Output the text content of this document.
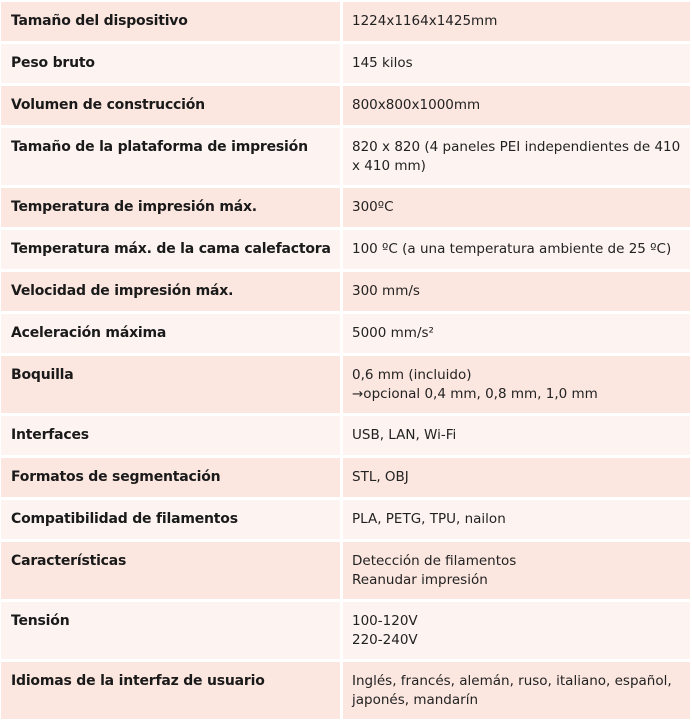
Tamaño del dispositivo	1224x1164x1425mm

Peso bruto	145 kilos

Volumen de construcción	800x800x1000mm

Tamaño de la plataforma de impresión	820 x 820 (4 paneles PEI independientes de 410 x 410 mm)

Temperatura de impresión máx.	300ºC

Temperatura máx. de la cama calefactora	100 ºC (a una temperatura ambiente de 25 ºC)

Velocidad de impresión máx.	300 mm/s

Aceleración máxima	5000 mm/s²

Boquilla	0,6 mm (incluido)
→opcional 0,4 mm, 0,8 mm, 1,0 mm

Interfaces	USB, LAN, Wi-Fi

Formatos de segmentación	STL, OBJ

Compatibilidad de filamentos	PLA, PETG, TPU, nailon

Características	Detección de filamentos
Reanudar impresión

Tensión	100-120V
220-240V

Idiomas de la interfaz de usuario	Inglés, francés, alemán, ruso, italiano, español, japonés, mandarín
